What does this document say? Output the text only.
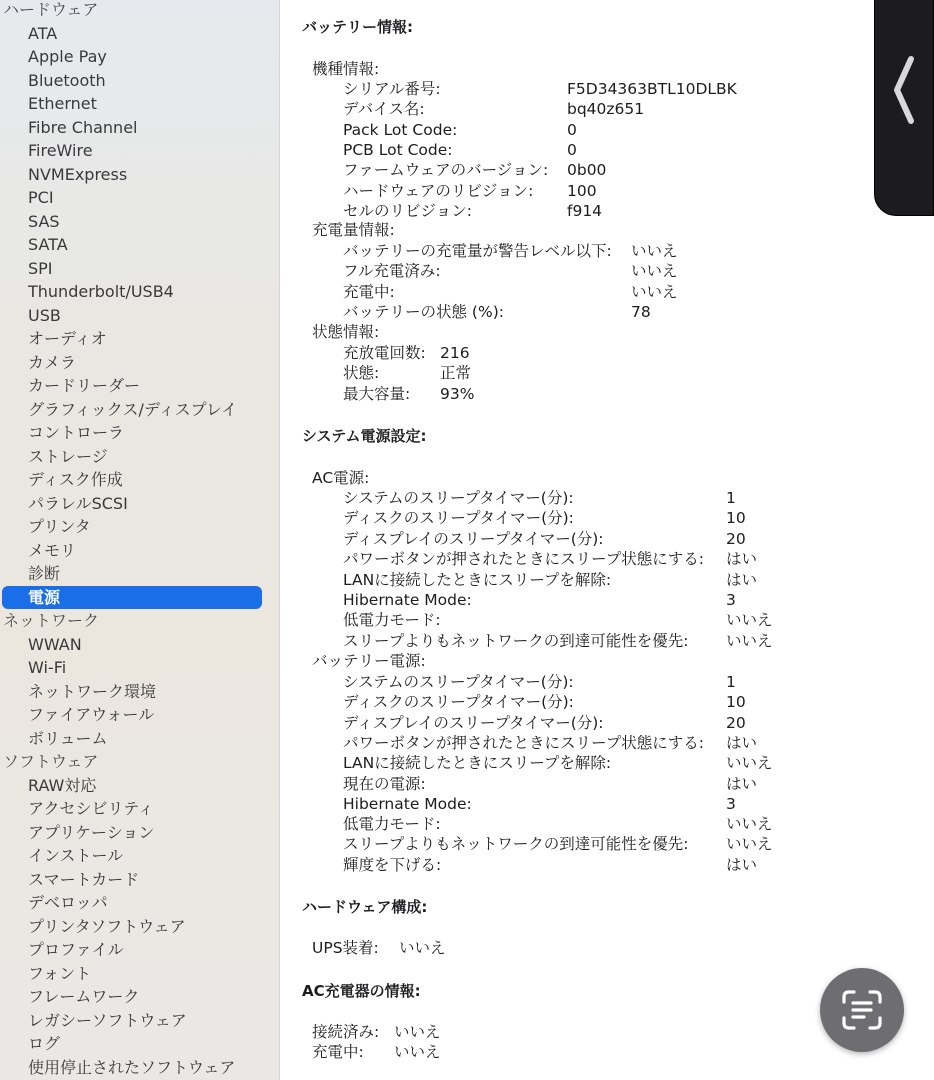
ハードウェア
ATA
Apple Pay
Bluetooth
Ethernet
Fibre Channel
FireWire
NVMExpress
PCI
SAS
SATA
SPI
Thunderbolt/USB4
USB
オーディオ
カメラ
カードリーダー
グラフィックス/ディスプレイ
コントローラ
ストレージ
ディスク作成
パラレルSCSI
プリンタ
メモリ
診断
電源
ネットワーク
WWAN
Wi-Fi
ネットワーク環境
ファイアウォール
ボリューム
ソフトウェア
RAW対応
アクセシビリティ
アプリケーション
インストール
スマートカード
デベロッパ
プリンタソフトウェア
プロファイル
フォント
フレームワーク
レガシーソフトウェア
ログ
使用停止されたソフトウェア
バッテリー情報:
機種情報:
シリアル番号:	F5D34363BTL10DLBK
デバイス名:	bq40z651
Pack Lot Code:	0
PCB Lot Code:	0
ファームウェアのバージョン: 0b00
ハードウェアのリビジョン: 100
セルのリビジョン:	f914
充電量情報:
バッテリーの充電量が警告レベル以下: いいえ
フル充電済み:	いいえ
充電中:	いいえ
バッテリーの状態 (%):	78
状態情報:
充放電回数: 216
状態:	正常
最大容量: 93%
システム電源設定:
AC電源:
システムのスリープタイマー(分):	1
ディスクのスリープタイマー(分):	10
ディスプレイのスリープタイマー(分):	20
パワーボタンが押されたときにスリープ状態にする: はい
LANに接続したときにスリープを解除:	はい
Hibernate Mode:	3
低電力モード:	いいえ
スリープよりもネットワークの到達可能性を優先: いいえ
バッテリー電源:
システムのスリープタイマー(分):	1
ディスクのスリープタイマー(分):	10
ディスプレイのスリープタイマー(分):	20
パワーボタンが押されたときにスリープ状態にする: はい
LANに接続したときにスリープを解除:	いいえ
現在の電源:	はい
Hibernate Mode:	3
低電力モード:	いいえ
スリープよりもネットワークの到達可能性を優先: いいえ
輝度を下げる:	はい
ハードウェア構成:
UPS装着: いいえ
AC充電器の情報:
接続済み: いいえ
充電中: いいえ
